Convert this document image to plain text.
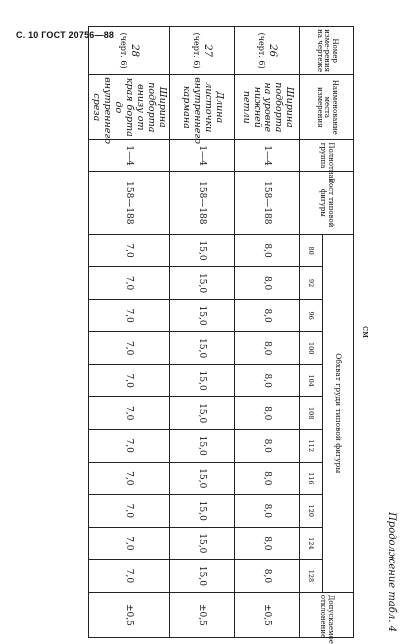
С. 10 ГОСТ 20756—88
Продолжение табл. 4
см
Номер изме-рения на чертеже	Наименование места измерения	Полнотная группа	Рост типовой фигуры	Обхват груди типовой фигуры											Допускаемое отклонение
				80	92	96	100	104	108	112	116	120	124	128	
26
(черт. 6)	Ширина подборта на уровне нижней петли	1—4	158—188	8,0	8,0	8,0	8,0	8,0	8,0	8,0	8,0	8,0	8,0	8,0	±0,5
27
(черт. 6)	Длина листочки внутреннего кармана	1—4	158—188	15,0	15,0	15,0	15,0	15,0	15,0	15,0	15,0	15,0	15,0	15,0	±0,5
28
(черт. 6)	Ширина подборта внизу от края борта до внутреннего среза	1—4	158—188	7,0	7,0	7,0	7,0	7,0	7,0	7,0	7,0	7,0	7,0	7,0	±0,5
